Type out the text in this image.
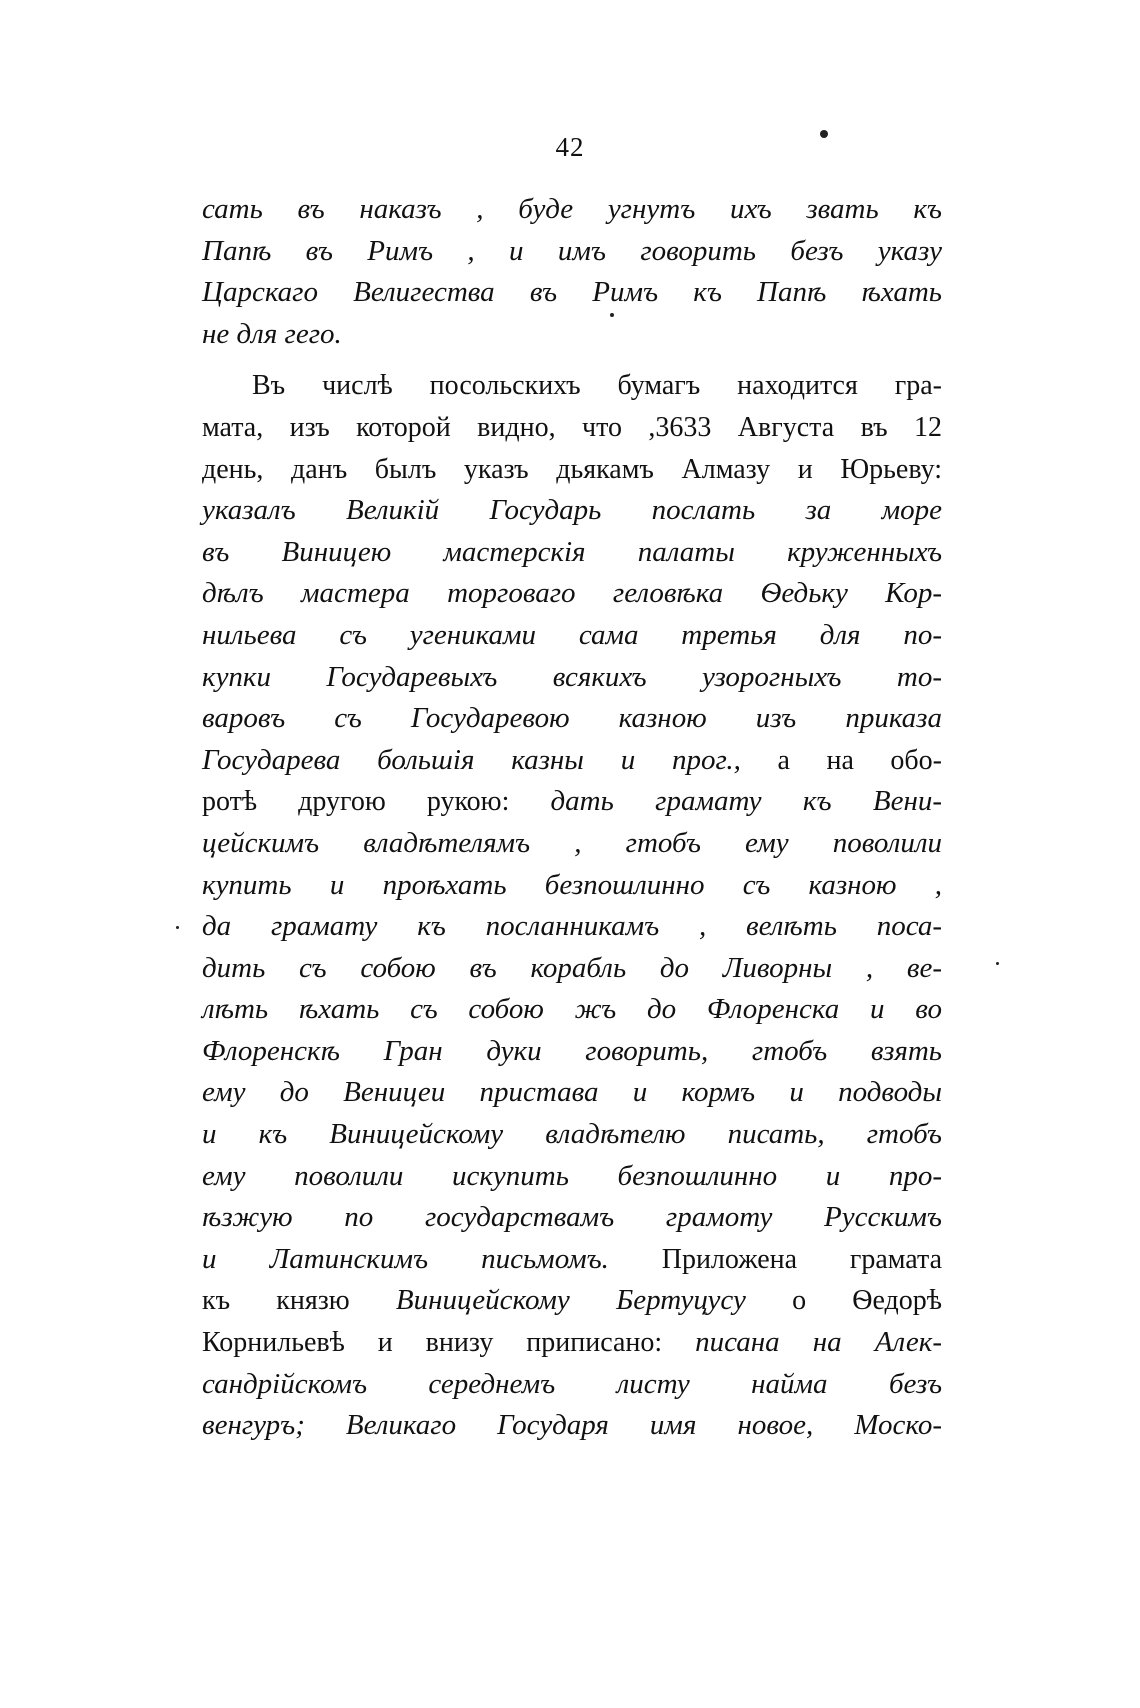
42
сать въ наказъ , буде угнутъ ихъ звать къ
Папѣ въ Римъ , и имъ говорить безъ указу
Царскаго Велигества въ Римъ къ Папѣ ѣхать
не для гего.
Въ числѣ посольскихъ бумагъ находится гра-
мата, изъ которой видно, что ,3633 Августа въ 12
день, данъ былъ указъ дьякамъ Алмазу и Юрьеву:
указалъ Великій Государь послать за море
въ Виницею мастерскія палаты круженныхъ
дѣлъ мастера торговаго геловѣка Ѳедьку Кор-
нильева съ угениками сама третья для по-
купки Государевыхъ всякихъ узорогныхъ то-
варовъ съ Государевою казною изъ приказа
Государева большія казны и прог., а на обо-
ротѣ другою рукою: дать грамату къ Вени-
цейскимъ владѣтелямъ , гтобъ ему поволили
купить и проѣхать безпошлинно съ казною ,
да грамату къ посланникамъ , велѣть поса-
дить съ собою въ корабль до Ливорны , ве-
лѣть ѣхать съ собою жъ до Флоренска и во
Флоренскѣ Гран дуки говорить, гтобъ взять
ему до Веницеи пристава и кормъ и подводы
и къ Виницейскому владѣтелю писать, гтобъ
ему поволили искупить безпошлинно и про-
ѣзжую по государствамъ грамоту Русскимъ
и Латинскимъ письмомъ. Приложена грамата
къ князю Виницейскому Бертуцусу о Ѳедорѣ
Корнильевѣ и внизу приписано: писана на Алек-
сандрійскомъ середнемъ листу найма безъ
венгуръ; Великаго Государя имя новое, Моско-
